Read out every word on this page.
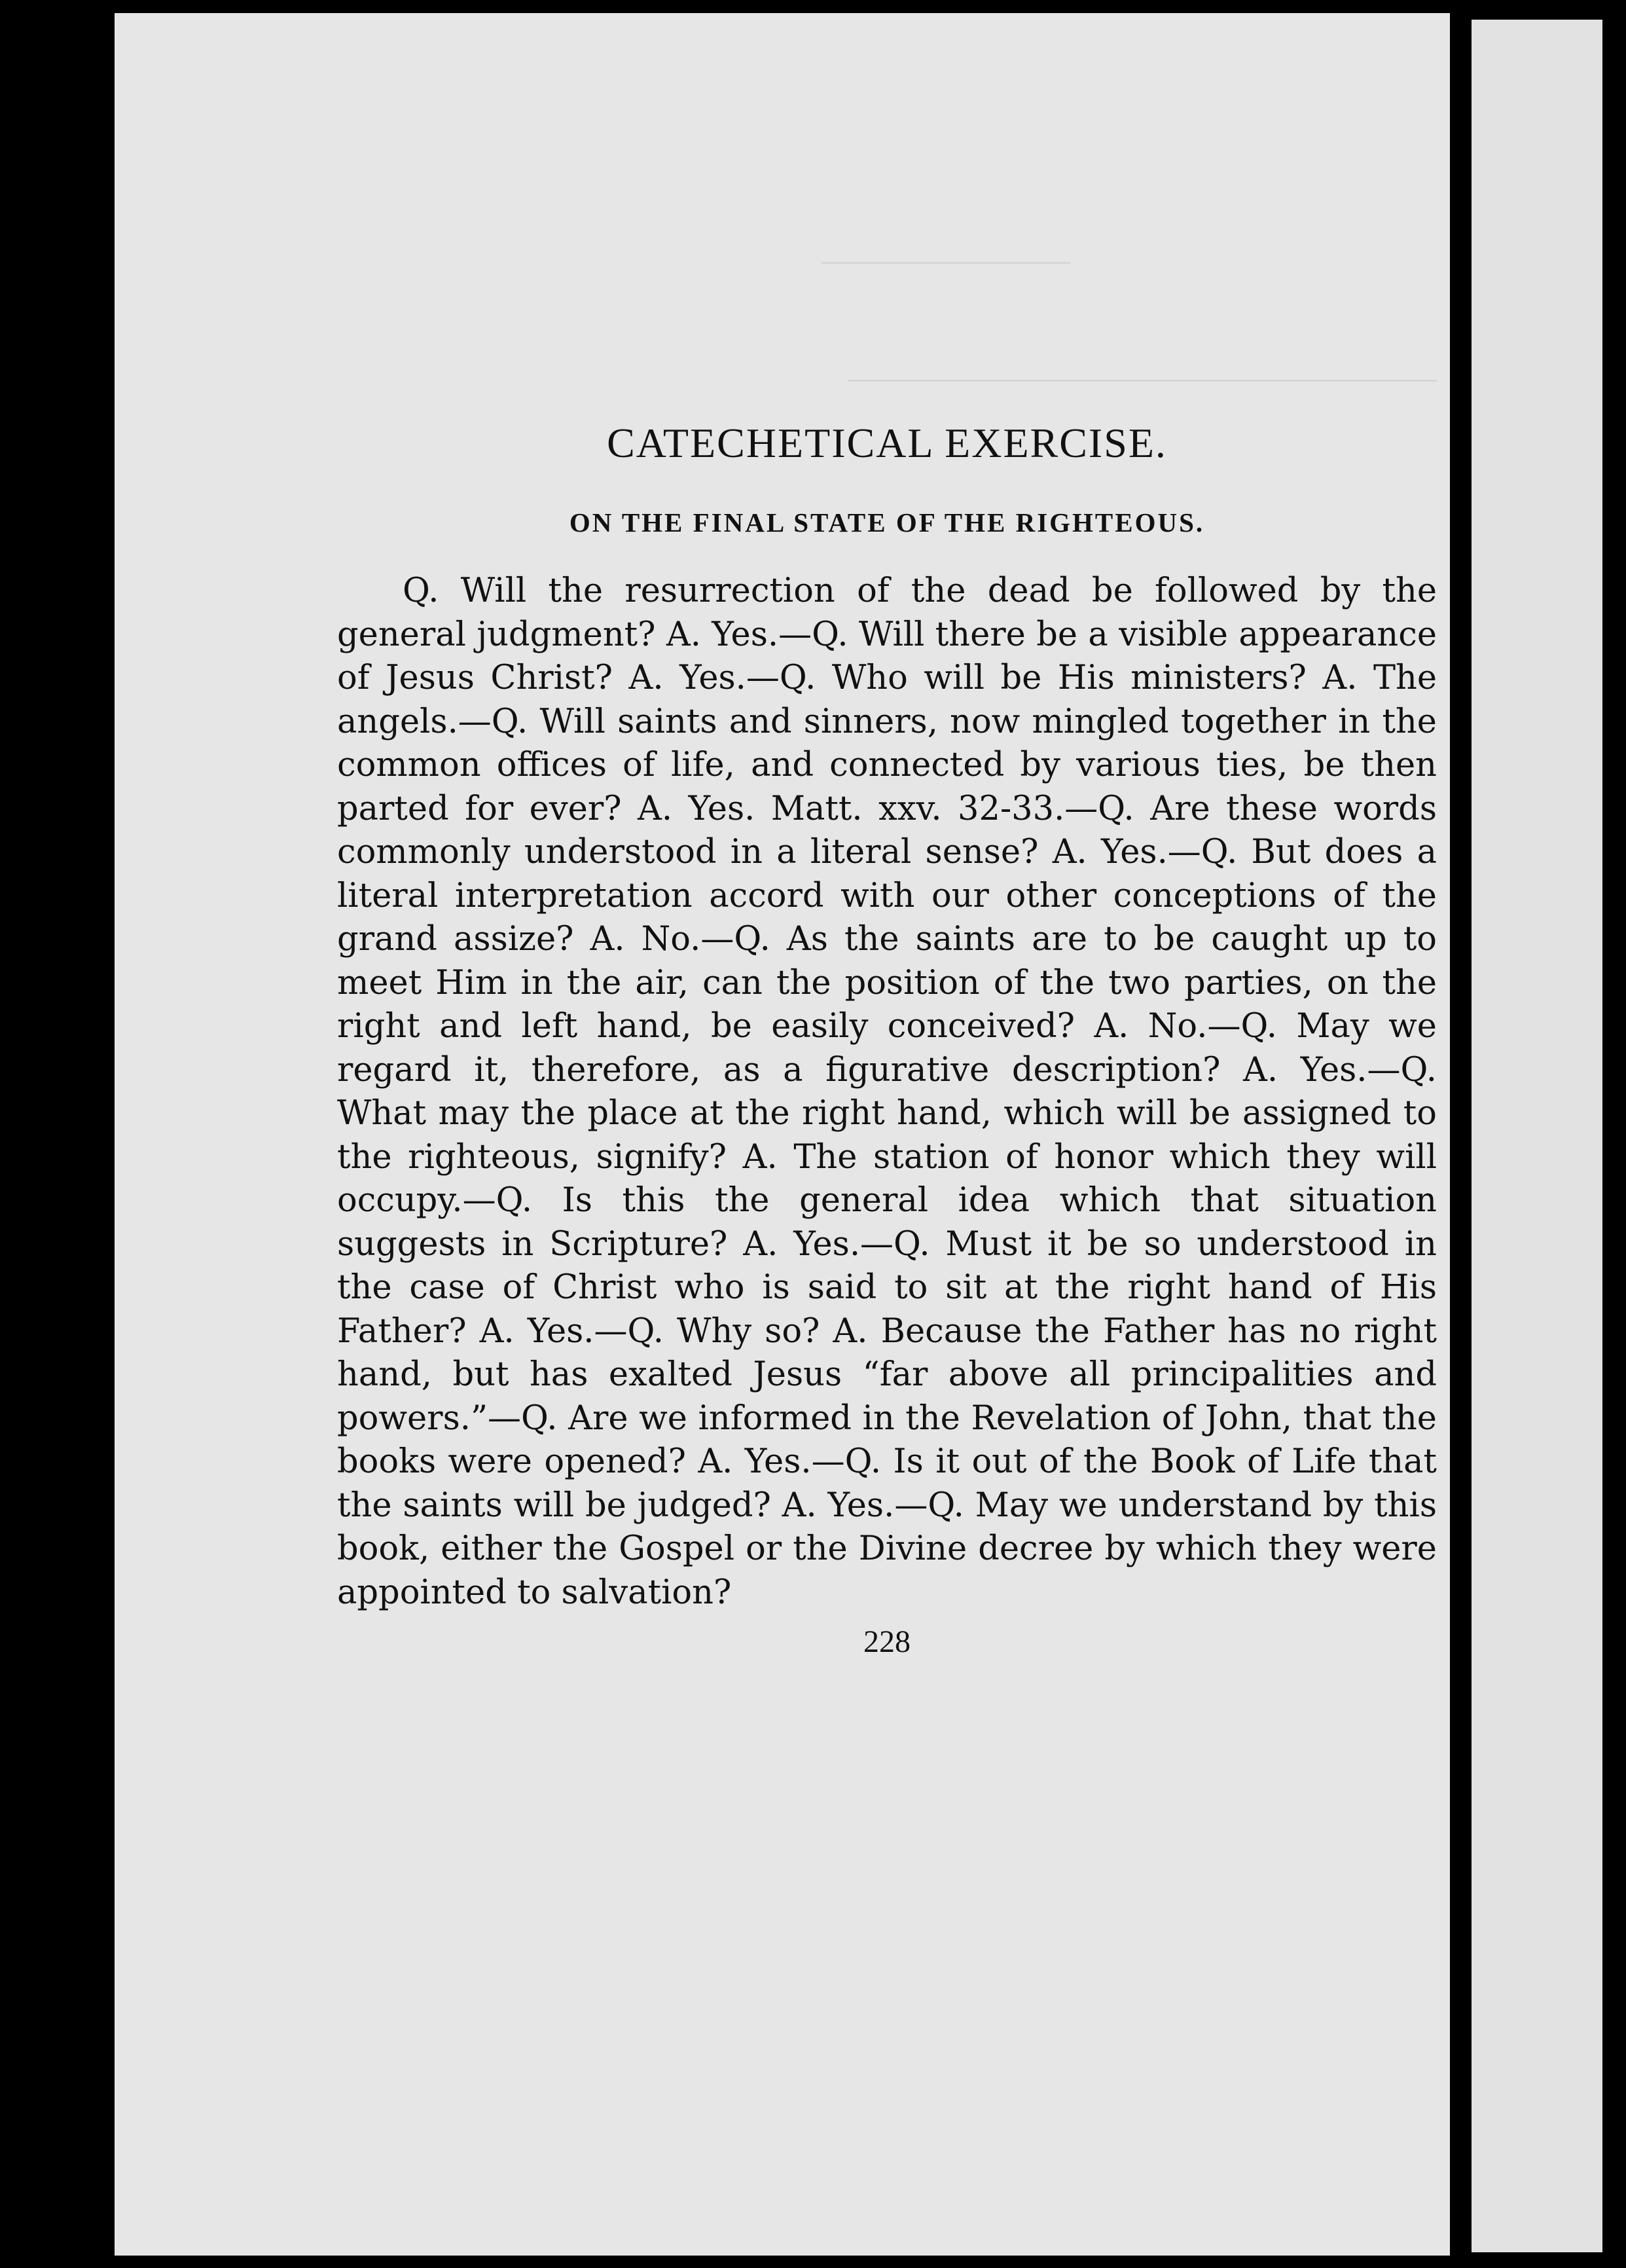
CATECHETICAL EXERCISE.
ON THE FINAL STATE OF THE RIGHTEOUS.

Q. Will the resurrection of the dead be followed by the general judgment? A. Yes.—Q. Will there be a visible appearance of Jesus Christ? A. Yes.—Q. Who will be His ministers? A. The angels.—Q. Will saints and sinners, now mingled together in the common offices of life, and connected by various ties, be then parted for ever? A. Yes. Matt. xxv. 32-33.—Q. Are these words commonly understood in a literal sense? A. Yes.—Q. But does a literal interpretation accord with our other conceptions of the grand assize? A. No.—Q. As the saints are to be caught up to meet Him in the air, can the position of the two parties, on the right and left hand, be easily conceived? A. No.—Q. May we regard it, therefore, as a figurative description? A. Yes.—Q. What may the place at the right hand, which will be assigned to the righteous, signify? A. The station of honor which they will occupy.—Q. Is this the general idea which that situation suggests in Scripture? A. Yes.—Q. Must it be so understood in the case of Christ who is said to sit at the right hand of His Father? A. Yes.—Q. Why so? A. Because the Father has no right hand, but has exalted Jesus “far above all principalities and powers.”—Q. Are we informed in the Revelation of John, that the books were opened? A. Yes.—Q. Is it out of the Book of Life that the saints will be judged? A. Yes.—Q. May we understand by this book, either the Gospel or the Divine decree by which they were appointed to salvation?

228
